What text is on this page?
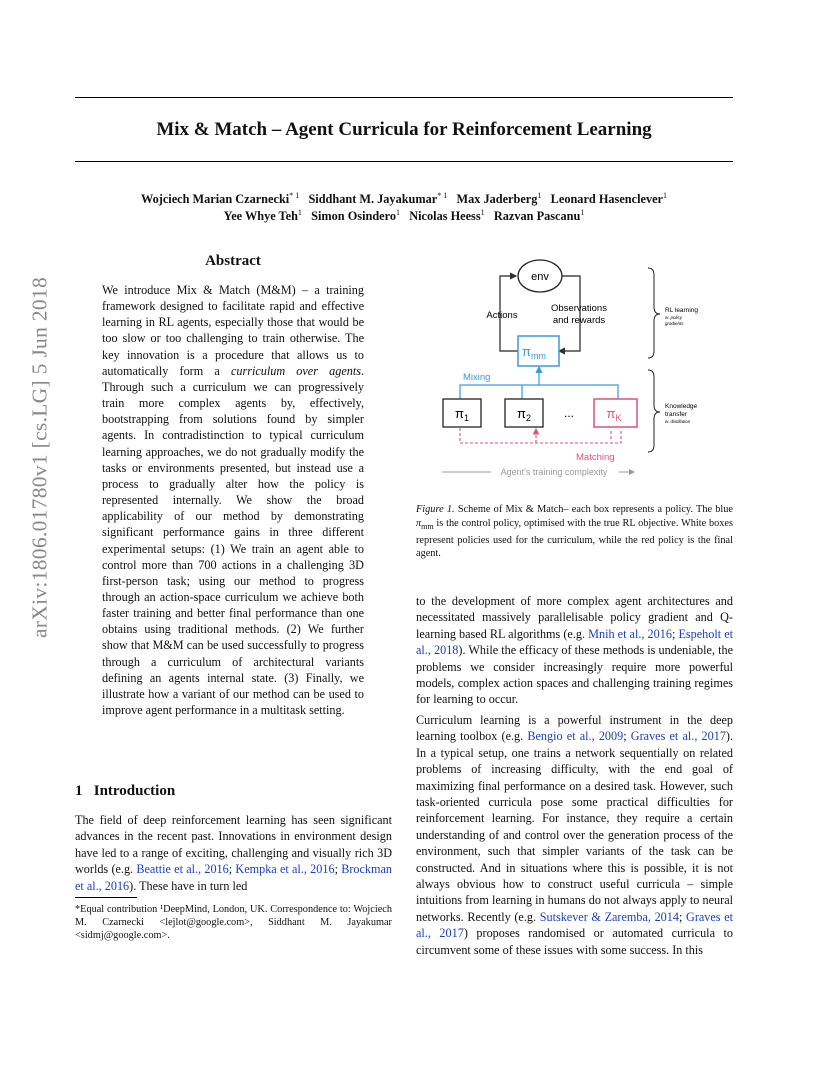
Mix & Match – Agent Curricula for Reinforcement Learning
Wojciech Marian Czarnecki$^{* 1}$ Siddhant M. Jayakumar$^{* 1}$ Max Jaderberg$^1$ Leonard Hasenclever$^1$
Yee Whye Teh$^1$ Simon Osindero$^1$ Nicolas Heess$^1$ Razvan Pascanu$^1$
arXiv:1806.01780v1 [cs.LG] 5 Jun 2018
Abstract
We introduce Mix & Match (M&M) – a training framework designed to facilitate rapid and effective learning in RL agents, especially those that would be too slow or too challenging to train otherwise. The key innovation is a procedure that allows us to automatically form a curriculum over agents. Through such a curriculum we can progressively train more complex agents by, effectively, bootstrapping from solutions found by simpler agents. In contradistinction to typical curriculum learning approaches, we do not gradually modify the tasks or environments presented, but instead use a process to gradually alter how the policy is represented internally. We show the broad applicability of our method by demonstrating significant performance gains in three different experimental setups: (1) We train an agent able to control more than 700 actions in a challenging 3D first-person task; using our method to progress through an action-space curriculum we achieve both faster training and better final performance than one obtains using traditional methods. (2) We further show that M&M can be used successfully to progress through a curriculum of architectural variants defining an agents internal state. (3) Finally, we illustrate how a variant of our method can be used to improve agent performance in a multitask setting.
1 Introduction
The field of deep reinforcement learning has seen significant advances in the recent past. Innovations in environment design have led to a range of exciting, challenging and visually rich 3D worlds (e.g. Beattie et al., 2016; Kempka et al., 2016; Brockman et al., 2016). These have in turn led
*Equal contribution ¹DeepMind, London, UK. Correspondence to: Wojciech M. Czarnecki <lejlot@google.com>, Siddhant M. Jayakumar <sidmj@google.com>.
env
Actions
Observations
and rewards
$\pi_{mm}$
Mixing
$\pi_1$	$\pi_2$	... $\pi_K$
Matching
Agent's training complexity
RL learning
w. policy
gradients
Knowledge
transfer
w. distillation
Figure 1. Scheme of Mix & Match– each box represents a policy. The blue $\pi_{mm}$ is the control policy, optimised with the true RL objective. White boxes represent policies used for the curriculum, while the red policy is the final agent.
to the development of more complex agent architectures and necessitated massively parallelisable policy gradient and Q-learning based RL algorithms (e.g. Mnih et al., 2016; Espeholt et al., 2018). While the efficacy of these methods is undeniable, the problems we consider increasingly require more powerful models, complex action spaces and challenging training regimes for learning to occur.
Curriculum learning is a powerful instrument in the deep learning toolbox (e.g. Bengio et al., 2009; Graves et al., 2017). In a typical setup, one trains a network sequentially on related problems of increasing difficulty, with the end goal of maximizing final performance on a desired task. However, such task-oriented curricula pose some practical difficulties for reinforcement learning. For instance, they require a certain understanding of and control over the generation process of the environment, such that simpler variants of the task can be constructed. And in situations where this is possible, it is not always obvious how to construct useful curricula – simple intuitions from learning in humans do not always apply to neural networks. Recently (e.g. Sutskever & Zaremba, 2014; Graves et al., 2017) proposes randomised or automated curricula to circumvent some of these issues with some success. In this
